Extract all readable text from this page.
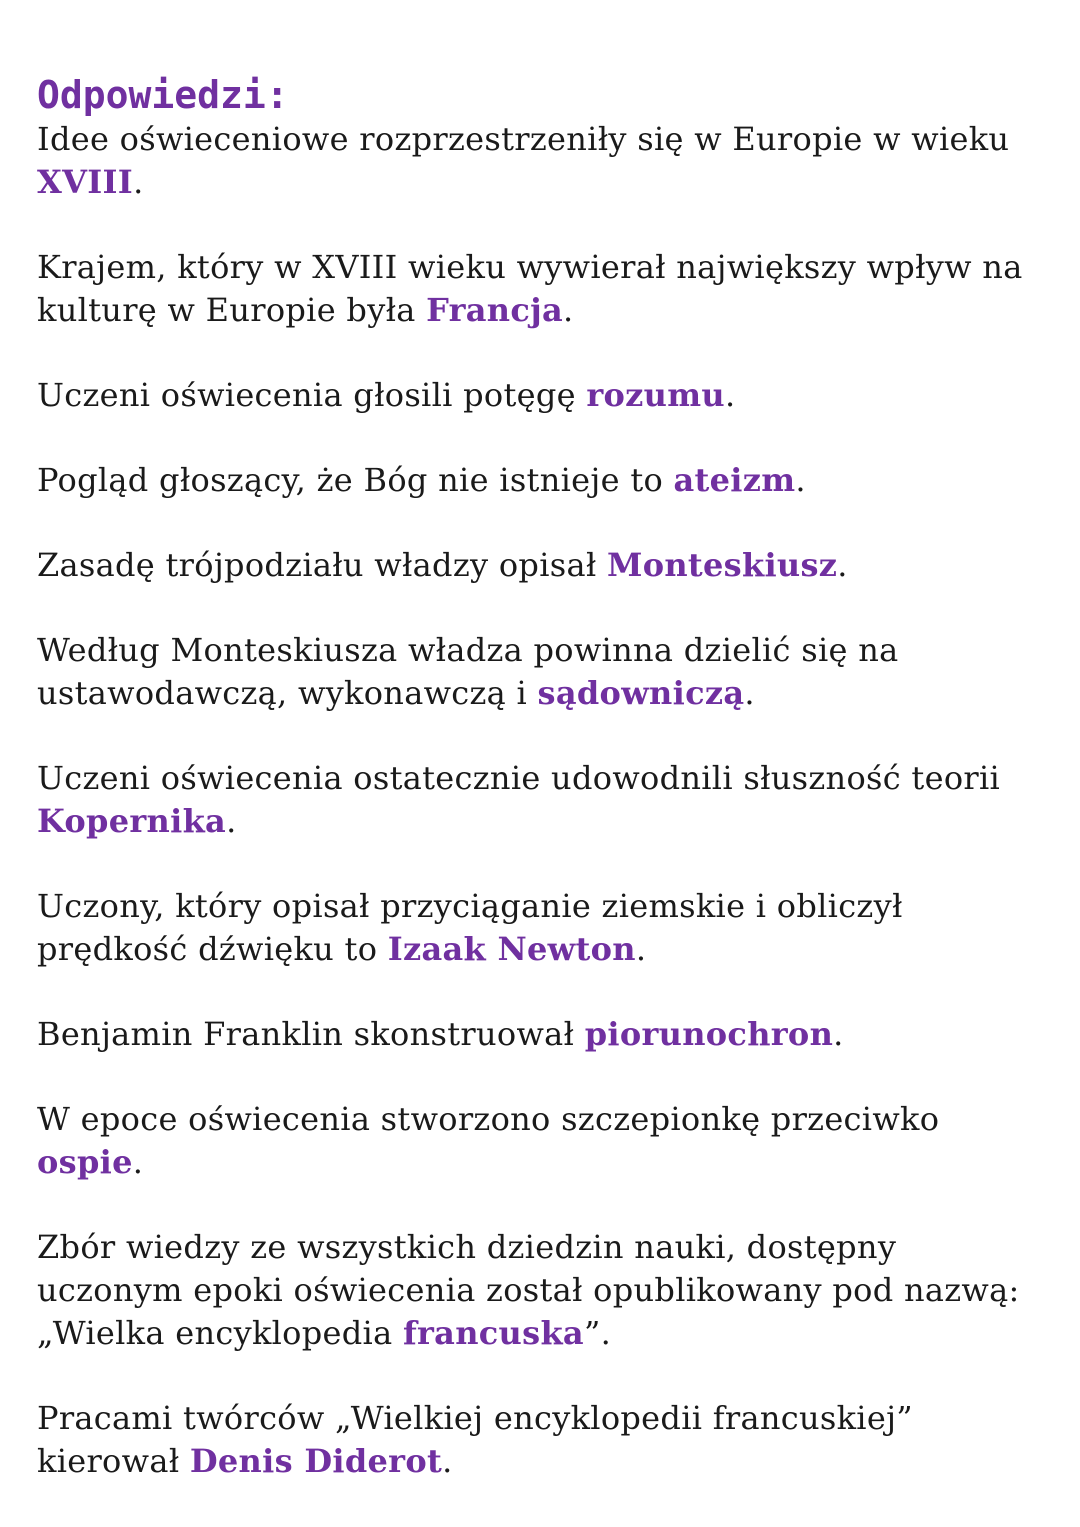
Odpowiedzi:

Idee oświeceniowe rozprzestrzeniły się w Europie w wieku XVIII.

Krajem, który w XVIII wieku wywierał największy wpływ na kulturę w Europie była Francja.

Uczeni oświecenia głosili potęgę rozumu.

Pogląd głoszący, że Bóg nie istnieje to ateizm.

Zasadę trójpodziału władzy opisał Monteskiusz.

Według Monteskiusza władza powinna dzielić się na ustawodawczą, wykonawczą i sądowniczą.

Uczeni oświecenia ostatecznie udowodnili słuszność teorii Kopernika.

Uczony, który opisał przyciąganie ziemskie i obliczył prędkość dźwięku to Izaak Newton.

Benjamin Franklin skonstruował piorunochron.

W epoce oświecenia stworzono szczepionkę przeciwko ospie.

Zbór wiedzy ze wszystkich dziedzin nauki, dostępny uczonym epoki oświecenia został opublikowany pod nazwą: „Wielka encyklopedia francuska”.

Pracami twórców „Wielkiej encyklopedii francuskiej” kierował Denis Diderot.
